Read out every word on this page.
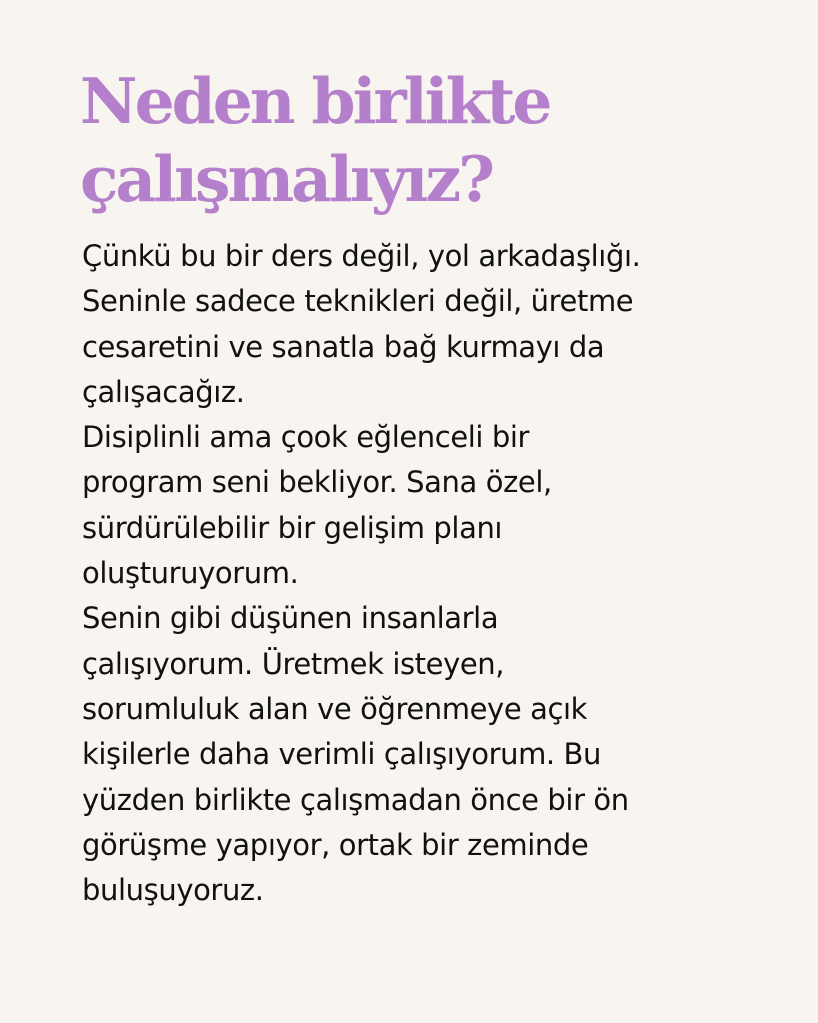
Neden birlikte
çalışmalıyız?
Çünkü bu bir ders değil, yol arkadaşlığı.
Seninle sadece teknikleri değil, üretme
cesaretini ve sanatla bağ kurmayı da
çalışacağız.
Disiplinli ama çook eğlenceli bir
program seni bekliyor. Sana özel,
sürdürülebilir bir gelişim planı
oluşturuyorum.
Senin gibi düşünen insanlarla
çalışıyorum. Üretmek isteyen,
sorumluluk alan ve öğrenmeye açık
kişilerle daha verimli çalışıyorum. Bu
yüzden birlikte çalışmadan önce bir ön
görüşme yapıyor, ortak bir zeminde
buluşuyoruz.
